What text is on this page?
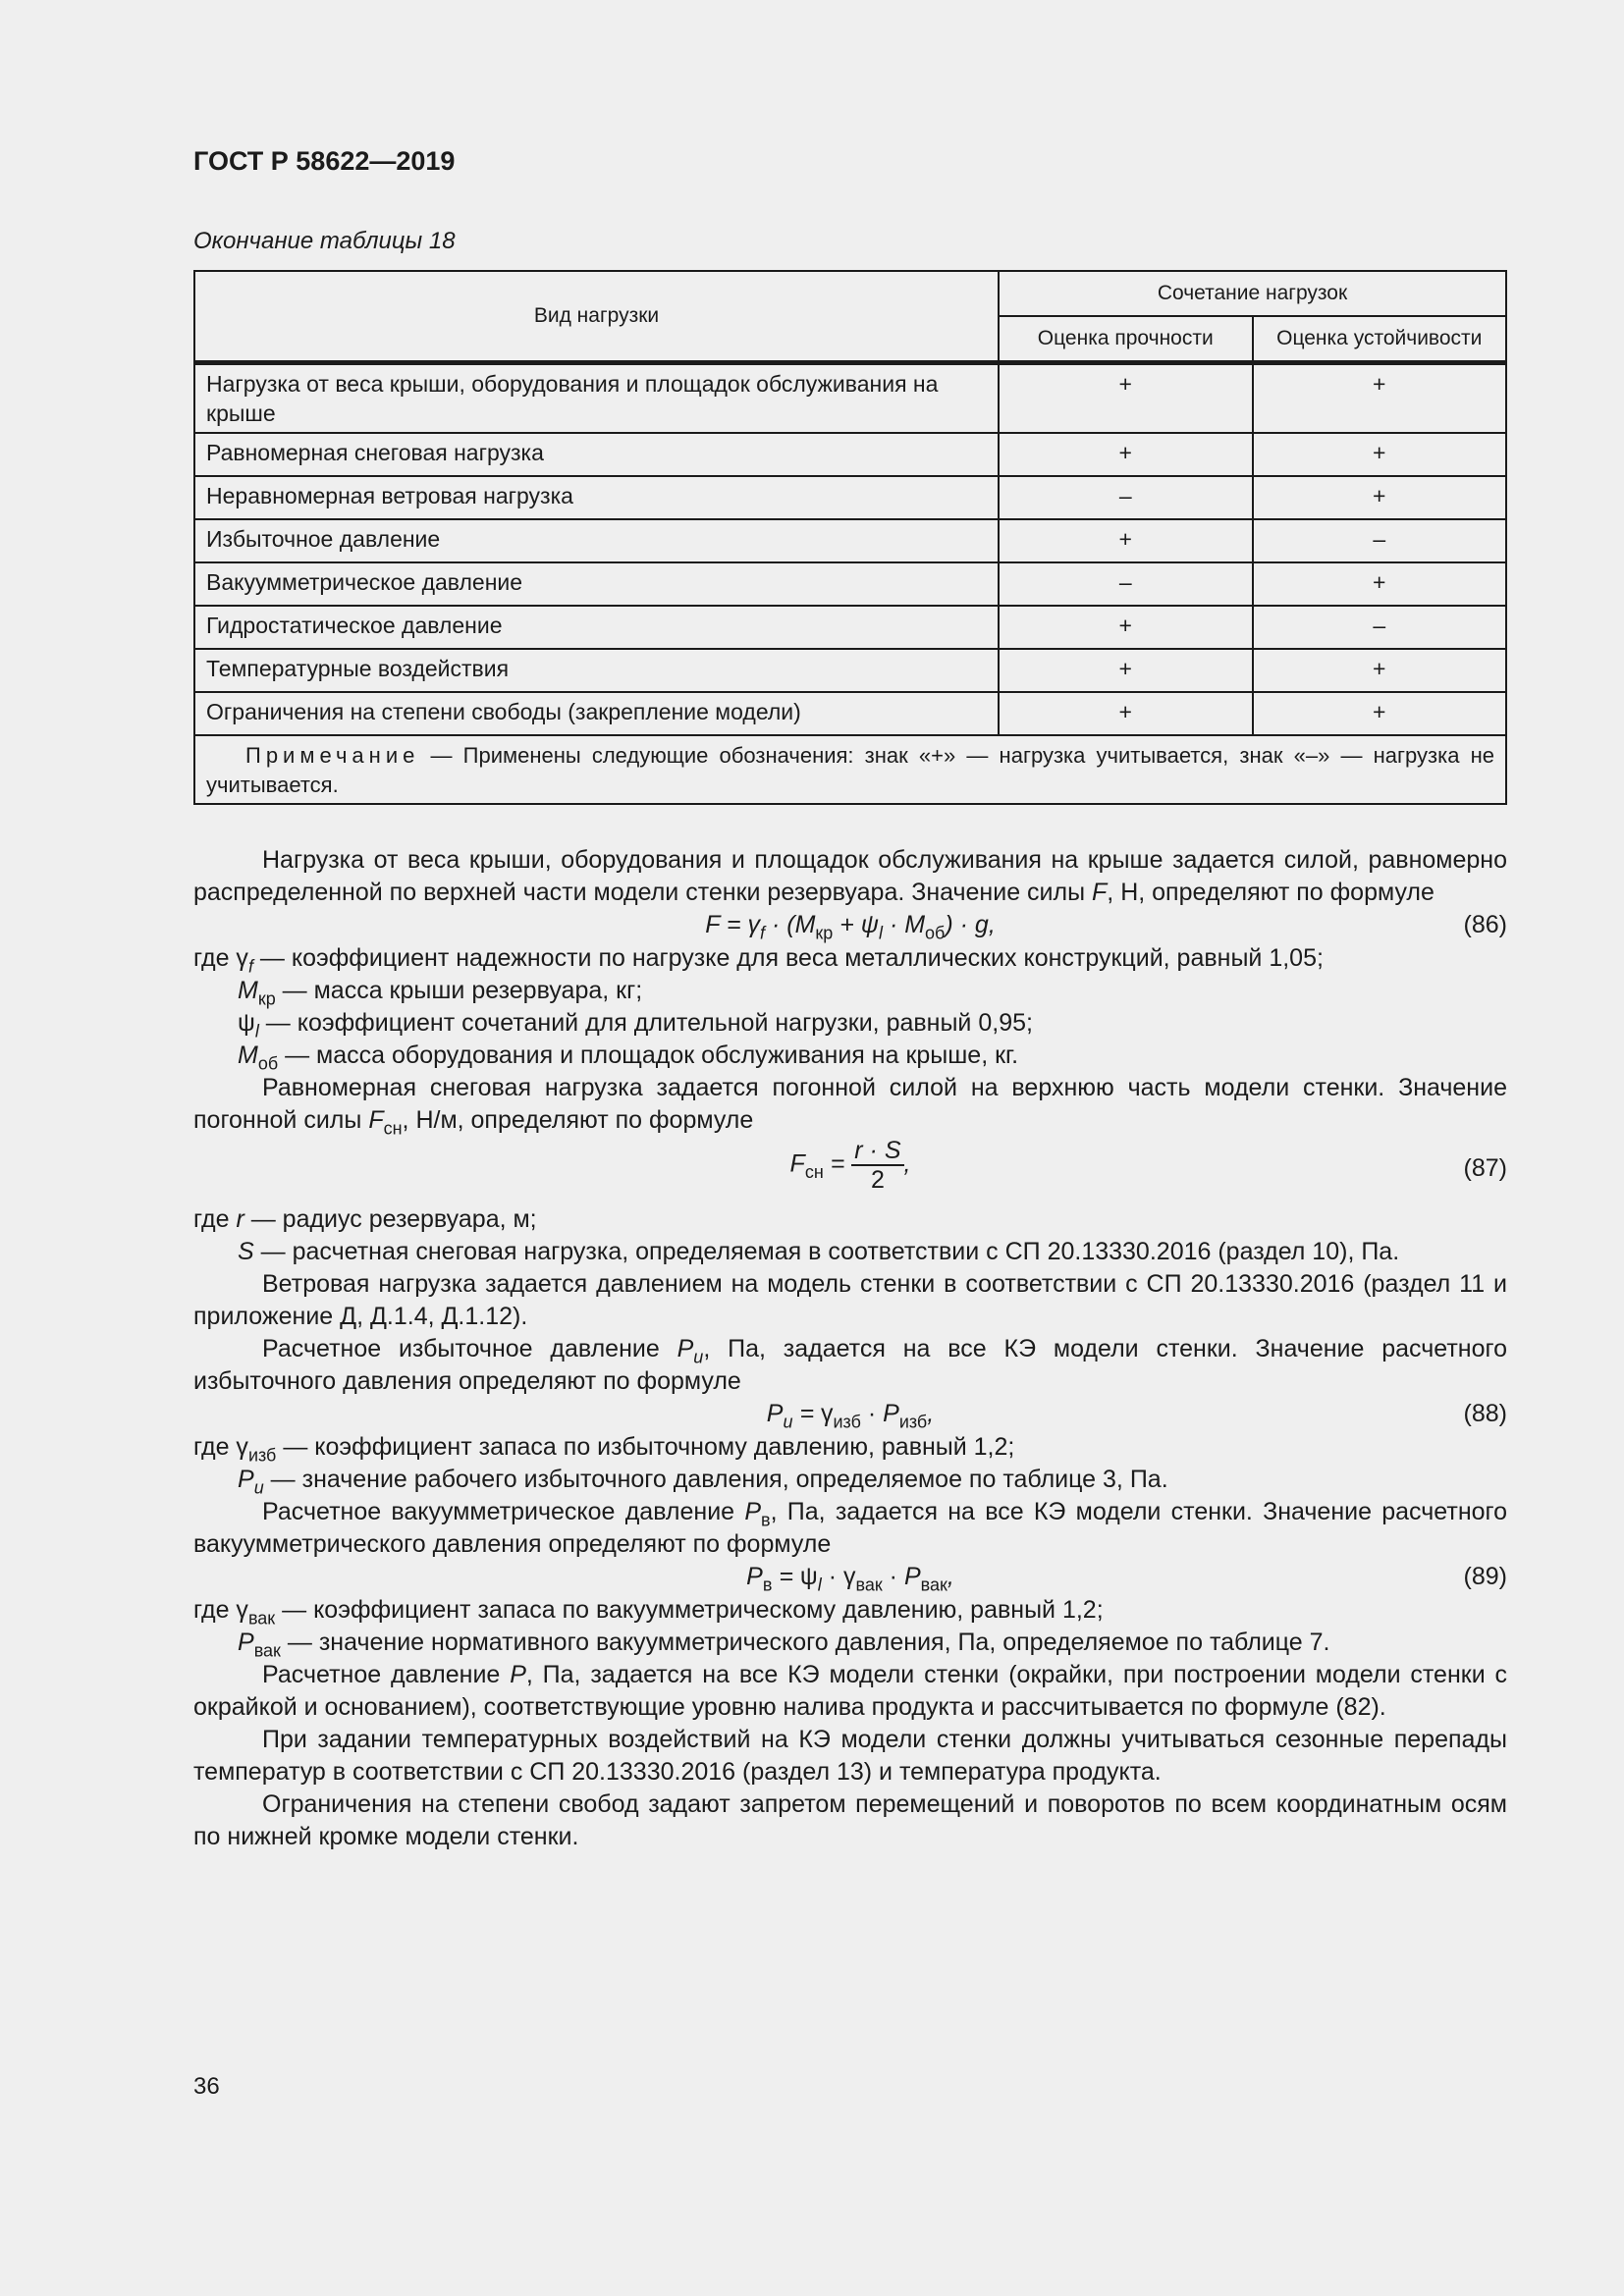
ГОСТ Р 58622—2019
Окончание таблицы 18
Вид нагрузки	Сочетание нагрузок	
	Оценка прочности	Оценка устойчивости
Нагрузка от веса крыши, оборудования и площадок обслуживания на крыше	+	+
Равномерная снеговая нагрузка	+	+
Неравномерная ветровая нагрузка	–	+
Избыточное давление	+	–
Вакуумметрическое давление	–	+
Гидростатическое давление	+	–
Температурные воздействия	+	+
Ограничения на степени свободы (закрепление модели)	+	+
Примечание — Применены следующие обозначения: знак «+» — нагрузка учитывается, знак «–» — нагрузка не учитывается.		

Нагрузка от веса крыши, оборудования и площадок обслуживания на крыше задается силой, равномерно распределенной по верхней части модели стенки резервуара. Значение силы F, Н, определяют по формуле

$F = \gamma_f \cdot (M_{кр} + \psi_l \cdot M_{об}) \cdot g$,	(86)

где $\gamma_f$ — коэффициент надежности по нагрузке для веса металлических конструкций, равный 1,05;

$M_{кр}$ — масса крыши резервуара, кг;

$\psi_l$ — коэффициент сочетаний для длительной нагрузки, равный 0,95;

$M_{об}$ — масса оборудования и площадок обслуживания на крыше, кг.

Равномерная снеговая нагрузка задается погонной силой на верхнюю часть модели стенки. Значение погонной силы $F_{сн}$, Н/м, определяют по формуле

$F_{сн} = \frac{r \cdot S}{2}$ ,	(87)

где r — радиус резервуара, м;

S — расчетная снеговая нагрузка, определяемая в соответствии с СП 20.13330.2016 (раздел 10), Па.

Ветровая нагрузка задается давлением на модель стенки в соответствии с СП 20.13330.2016 (раздел 11 и приложение Д, Д.1.4, Д.1.12).

Расчетное избыточное давление $P_u$, Па, задается на все КЭ модели стенки. Значение расчетного избыточного давления определяют по формуле

$P_u = \gamma_{изб} \cdot P_{изб}$,	(88)

где $\gamma_{изб}$ — коэффициент запаса по избыточному давлению, равный 1,2;

$P_u$ — значение рабочего избыточного давления, определяемое по таблице 3, Па.

Расчетное вакуумметрическое давление $P_в$, Па, задается на все КЭ модели стенки. Значение расчетного вакуумметрического давления определяют по формуле

$P_в = \psi_l \cdot \gamma_{вак} \cdot P_{вак}$,	(89)

где $\gamma_{вак}$ — коэффициент запаса по вакуумметрическому давлению, равный 1,2;

$P_{вак}$ — значение нормативного вакуумметрического давления, Па, определяемое по таблице 7.

Расчетное давление P, Па, задается на все КЭ модели стенки (окрайки, при построении модели стенки с окрайкой и основанием), соответствующие уровню налива продукта и рассчитывается по формуле (82).

При задании температурных воздействий на КЭ модели стенки должны учитываться сезонные перепады температур в соответствии с СП 20.13330.2016 (раздел 13) и температура продукта.

Ограничения на степени свобод задают запретом перемещений и поворотов по всем координатным осям по нижней кромке модели стенки.

36
